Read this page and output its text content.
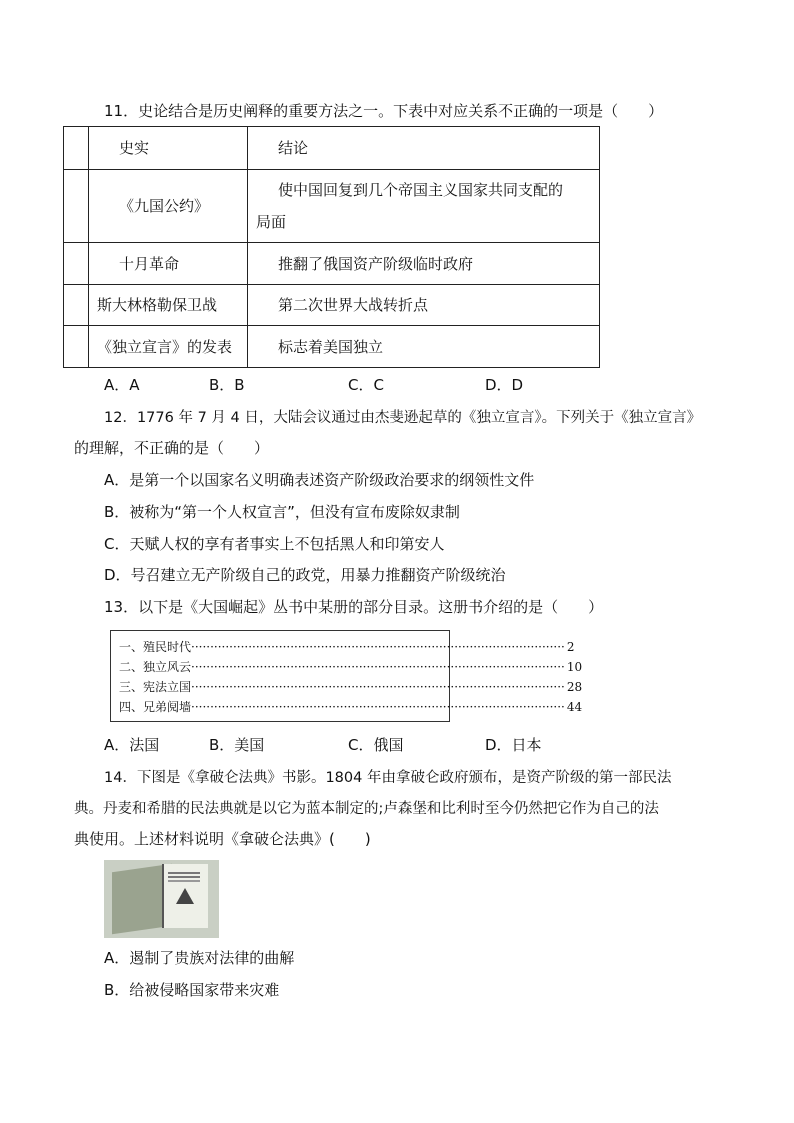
11．史论结合是历史阐释的重要方法之一。下表中对应关系不正确的一项是（　　）

	史实	结论

	《九国公约》	使中国回复到几个帝国主义国家共同支配的
局面

	十月革命	推翻了俄国资产阶级临时政府

	斯大林格勒保卫战	第二次世界大战转折点

	《独立宣言》的发表	标志着美国独立
A．A	B．B	C．C	D．D
12．1776 年 7 月 4 日，大陆会议通过由杰斐逊起草的《独立宣言》。下列关于《独立宣言》
的理解，不正确的是（　　）
A．是第一个以国家名义明确表述资产阶级政治要求的纲领性文件
B．被称为“第一个人权宣言”，但没有宣布废除奴隶制
C．天赋人权的享有者事实上不包括黑人和印第安人
D．号召建立无产阶级自己的政党，用暴力推翻资产阶级统治
13．以下是《大国崛起》丛书中某册的部分目录。这册书介绍的是（　　）
一、殖民时代 ·································································································· 2
二、独立风云 ·································································································· 10
三、宪法立国 ·································································································· 28
四、兄弟阋墙 ·································································································· 44
A．法国	B．美国	C．俄国	D．日本
14．下图是《拿破仑法典》书影。1804 年由拿破仑政府颁布，是资产阶级的第一部民法
典。丹麦和希腊的民法典就是以它为蓝本制定的;卢森堡和比利时至今仍然把它作为自己的法
典使用。上述材料说明《拿破仑法典》(　　)
A．遏制了贵族对法律的曲解
B．给被侵略国家带来灾难
